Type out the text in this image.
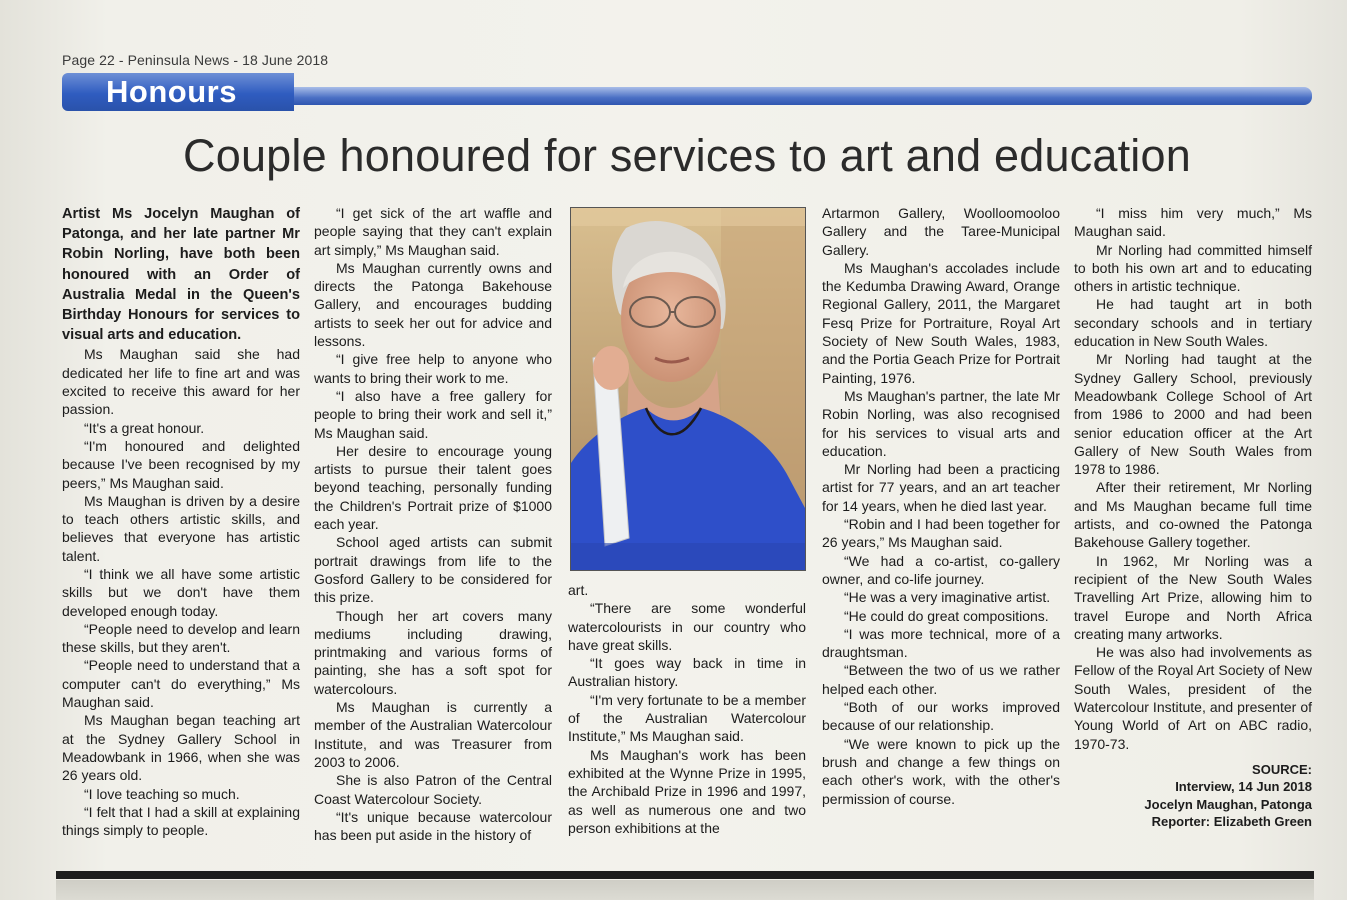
Page 22 - Peninsula News - 18 June 2018
Honours
Couple honoured for services to art and education

Artist Ms Jocelyn Maughan of Patonga, and her late partner Mr Robin Norling, have both been honoured with an Order of Australia Medal in the Queen's Birthday Honours for services to visual arts and education.

Ms Maughan said she had dedicated her life to fine art and was excited to receive this award for her passion.

“It's a great honour.

“I'm honoured and delighted because I've been recognised by my peers,” Ms Maughan said.

Ms Maughan is driven by a desire to teach others artistic skills, and believes that everyone has artistic talent.

“I think we all have some artistic skills but we don't have them developed enough today.

“People need to develop and learn these skills, but they aren't.

“People need to understand that a computer can't do everything,” Ms Maughan said.

Ms Maughan began teaching art at the Sydney Gallery School in Meadowbank in 1966, when she was 26 years old.

“I love teaching so much.

“I felt that I had a skill at explaining things simply to people.

“I get sick of the art waffle and people saying that they can't explain art simply,” Ms Maughan said.

Ms Maughan currently owns and directs the Patonga Bakehouse Gallery, and encourages budding artists to seek her out for advice and lessons.

“I give free help to anyone who wants to bring their work to me.

“I also have a free gallery for people to bring their work and sell it,” Ms Maughan said.

Her desire to encourage young artists to pursue their talent goes beyond teaching, personally funding the Children's Portrait prize of $1000 each year.

School aged artists can submit portrait drawings from life to the Gosford Gallery to be considered for this prize.

Though her art covers many mediums including drawing, printmaking and various forms of painting, she has a soft spot for watercolours.

Ms Maughan is currently a member of the Australian Watercolour Institute, and was Treasurer from 2003 to 2006.

She is also Patron of the Central Coast Watercolour Society.

“It's unique because watercolour has been put aside in the history of

art.

“There are some wonderful watercolourists in our country who have great skills.

“It goes way back in time in Australian history.

“I'm very fortunate to be a member of the Australian Watercolour Institute,” Ms Maughan said.

Ms Maughan's work has been exhibited at the Wynne Prize in 1995, the Archibald Prize in 1996 and 1997, as well as numerous one and two person exhibitions at the

Artarmon Gallery, Woolloomooloo Gallery and the Taree-Municipal Gallery.

Ms Maughan's accolades include the Kedumba Drawing Award, Orange Regional Gallery, 2011, the Margaret Fesq Prize for Portraiture, Royal Art Society of New South Wales, 1983, and the Portia Geach Prize for Portrait Painting, 1976.

Ms Maughan's partner, the late Mr Robin Norling, was also recognised for his services to visual arts and education.

Mr Norling had been a practicing artist for 77 years, and an art teacher for 14 years, when he died last year.

“Robin and I had been together for 26 years,” Ms Maughan said.

“We had a co-artist, co-gallery owner, and co-life journey.

“He was a very imaginative artist.

“He could do great compositions.

“I was more technical, more of a draughtsman.

“Between the two of us we rather helped each other.

“Both of our works improved because of our relationship.

“We were known to pick up the brush and change a few things on each other's work, with the other's permission of course.

“I miss him very much,” Ms Maughan said.

Mr Norling had committed himself to both his own art and to educating others in artistic technique.

He had taught art in both secondary schools and in tertiary education in New South Wales.

Mr Norling had taught at the Sydney Gallery School, previously Meadowbank College School of Art from 1986 to 2000 and had been senior education officer at the Art Gallery of New South Wales from 1978 to 1986.

After their retirement, Mr Norling and Ms Maughan became full time artists, and co-owned the Patonga Bakehouse Gallery together.

In 1962, Mr Norling was a recipient of the New South Wales Travelling Art Prize, allowing him to travel Europe and North Africa creating many artworks.

He was also had involvements as Fellow of the Royal Art Society of New South Wales, president of the Watercolour Institute, and presenter of Young World of Art on ABC radio, 1970-73.

SOURCE:
Interview, 14 Jun 2018
Jocelyn Maughan, Patonga
Reporter: Elizabeth Green
